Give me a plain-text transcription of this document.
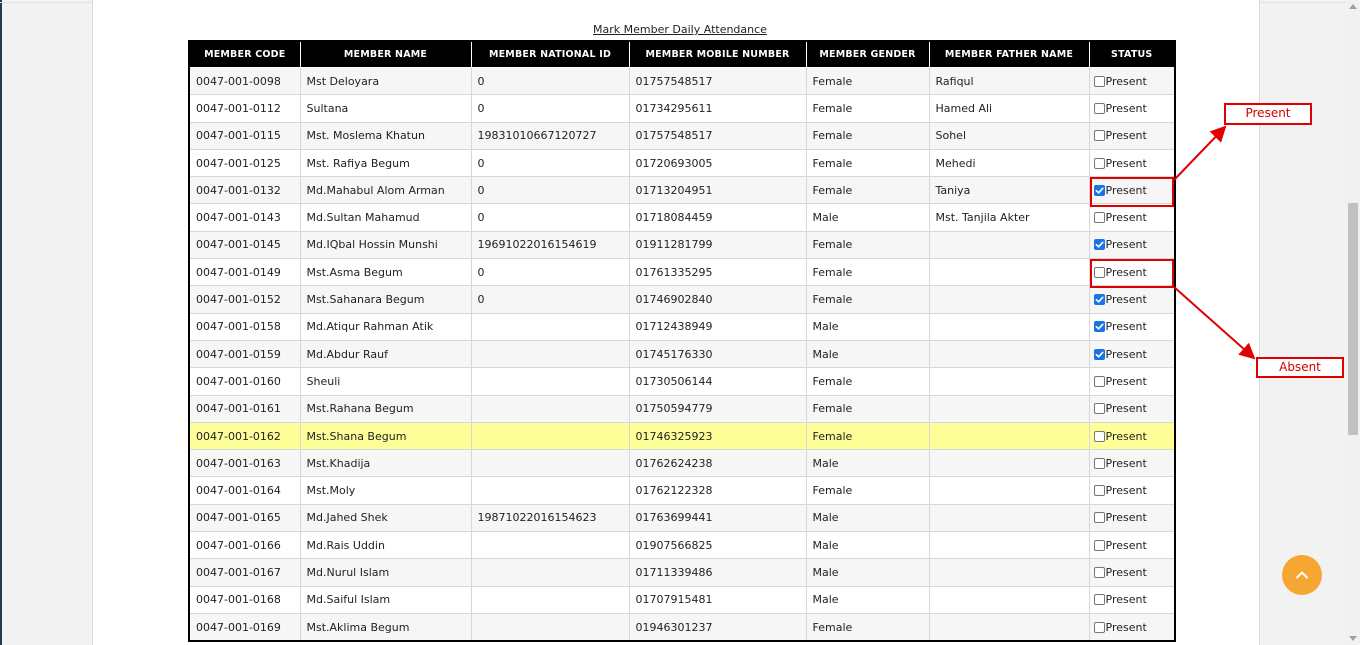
Mark Member Daily Attendance
MEMBER CODE	MEMBER NAME	MEMBER NATIONAL ID	MEMBER MOBILE NUMBER	MEMBER GENDER	MEMBER FATHER NAME	STATUS
0047-001-0098	Mst Deloyara	0	01757548517	Female	Rafiqul	Present

0047-001-0112	Sultana	0	01734295611	Female	Hamed Ali	Present

0047-001-0115	Mst. Moslema Khatun	19831010667120727	01757548517	Female	Sohel	Present

0047-001-0125	Mst. Rafiya Begum	0	01720693005	Female	Mehedi	Present

0047-001-0132	Md.Mahabul Alom Arman	0	01713204951	Female	Taniya	Present

0047-001-0143	Md.Sultan Mahamud	0	01718084459	Male	Mst. Tanjila Akter	Present

0047-001-0145	Md.IQbal Hossin Munshi	19691022016154619	01911281799	Female		Present

0047-001-0149	Mst.Asma Begum	0	01761335295	Female		Present

0047-001-0152	Mst.Sahanara Begum	0	01746902840	Female		Present

0047-001-0158	Md.Atiqur Rahman Atik		01712438949	Male		Present

0047-001-0159	Md.Abdur Rauf		01745176330	Male		Present

0047-001-0160	Sheuli		01730506144	Female		Present

0047-001-0161	Mst.Rahana Begum		01750594779	Female		Present

0047-001-0162	Mst.Shana Begum		01746325923	Female		Present

0047-001-0163	Mst.Khadija		01762624238	Male		Present

0047-001-0164	Mst.Moly		01762122328	Female		Present

0047-001-0165	Md.Jahed Shek	19871022016154623	01763699441	Male		Present

0047-001-0166	Md.Rais Uddin		01907566825	Male		Present

0047-001-0167	Md.Nurul Islam		01711339486	Male		Present

0047-001-0168	Md.Saiful Islam		01707915481	Male		Present

0047-001-0169	Mst.Aklima Begum		01946301237	Female		Present
Present
Absent
